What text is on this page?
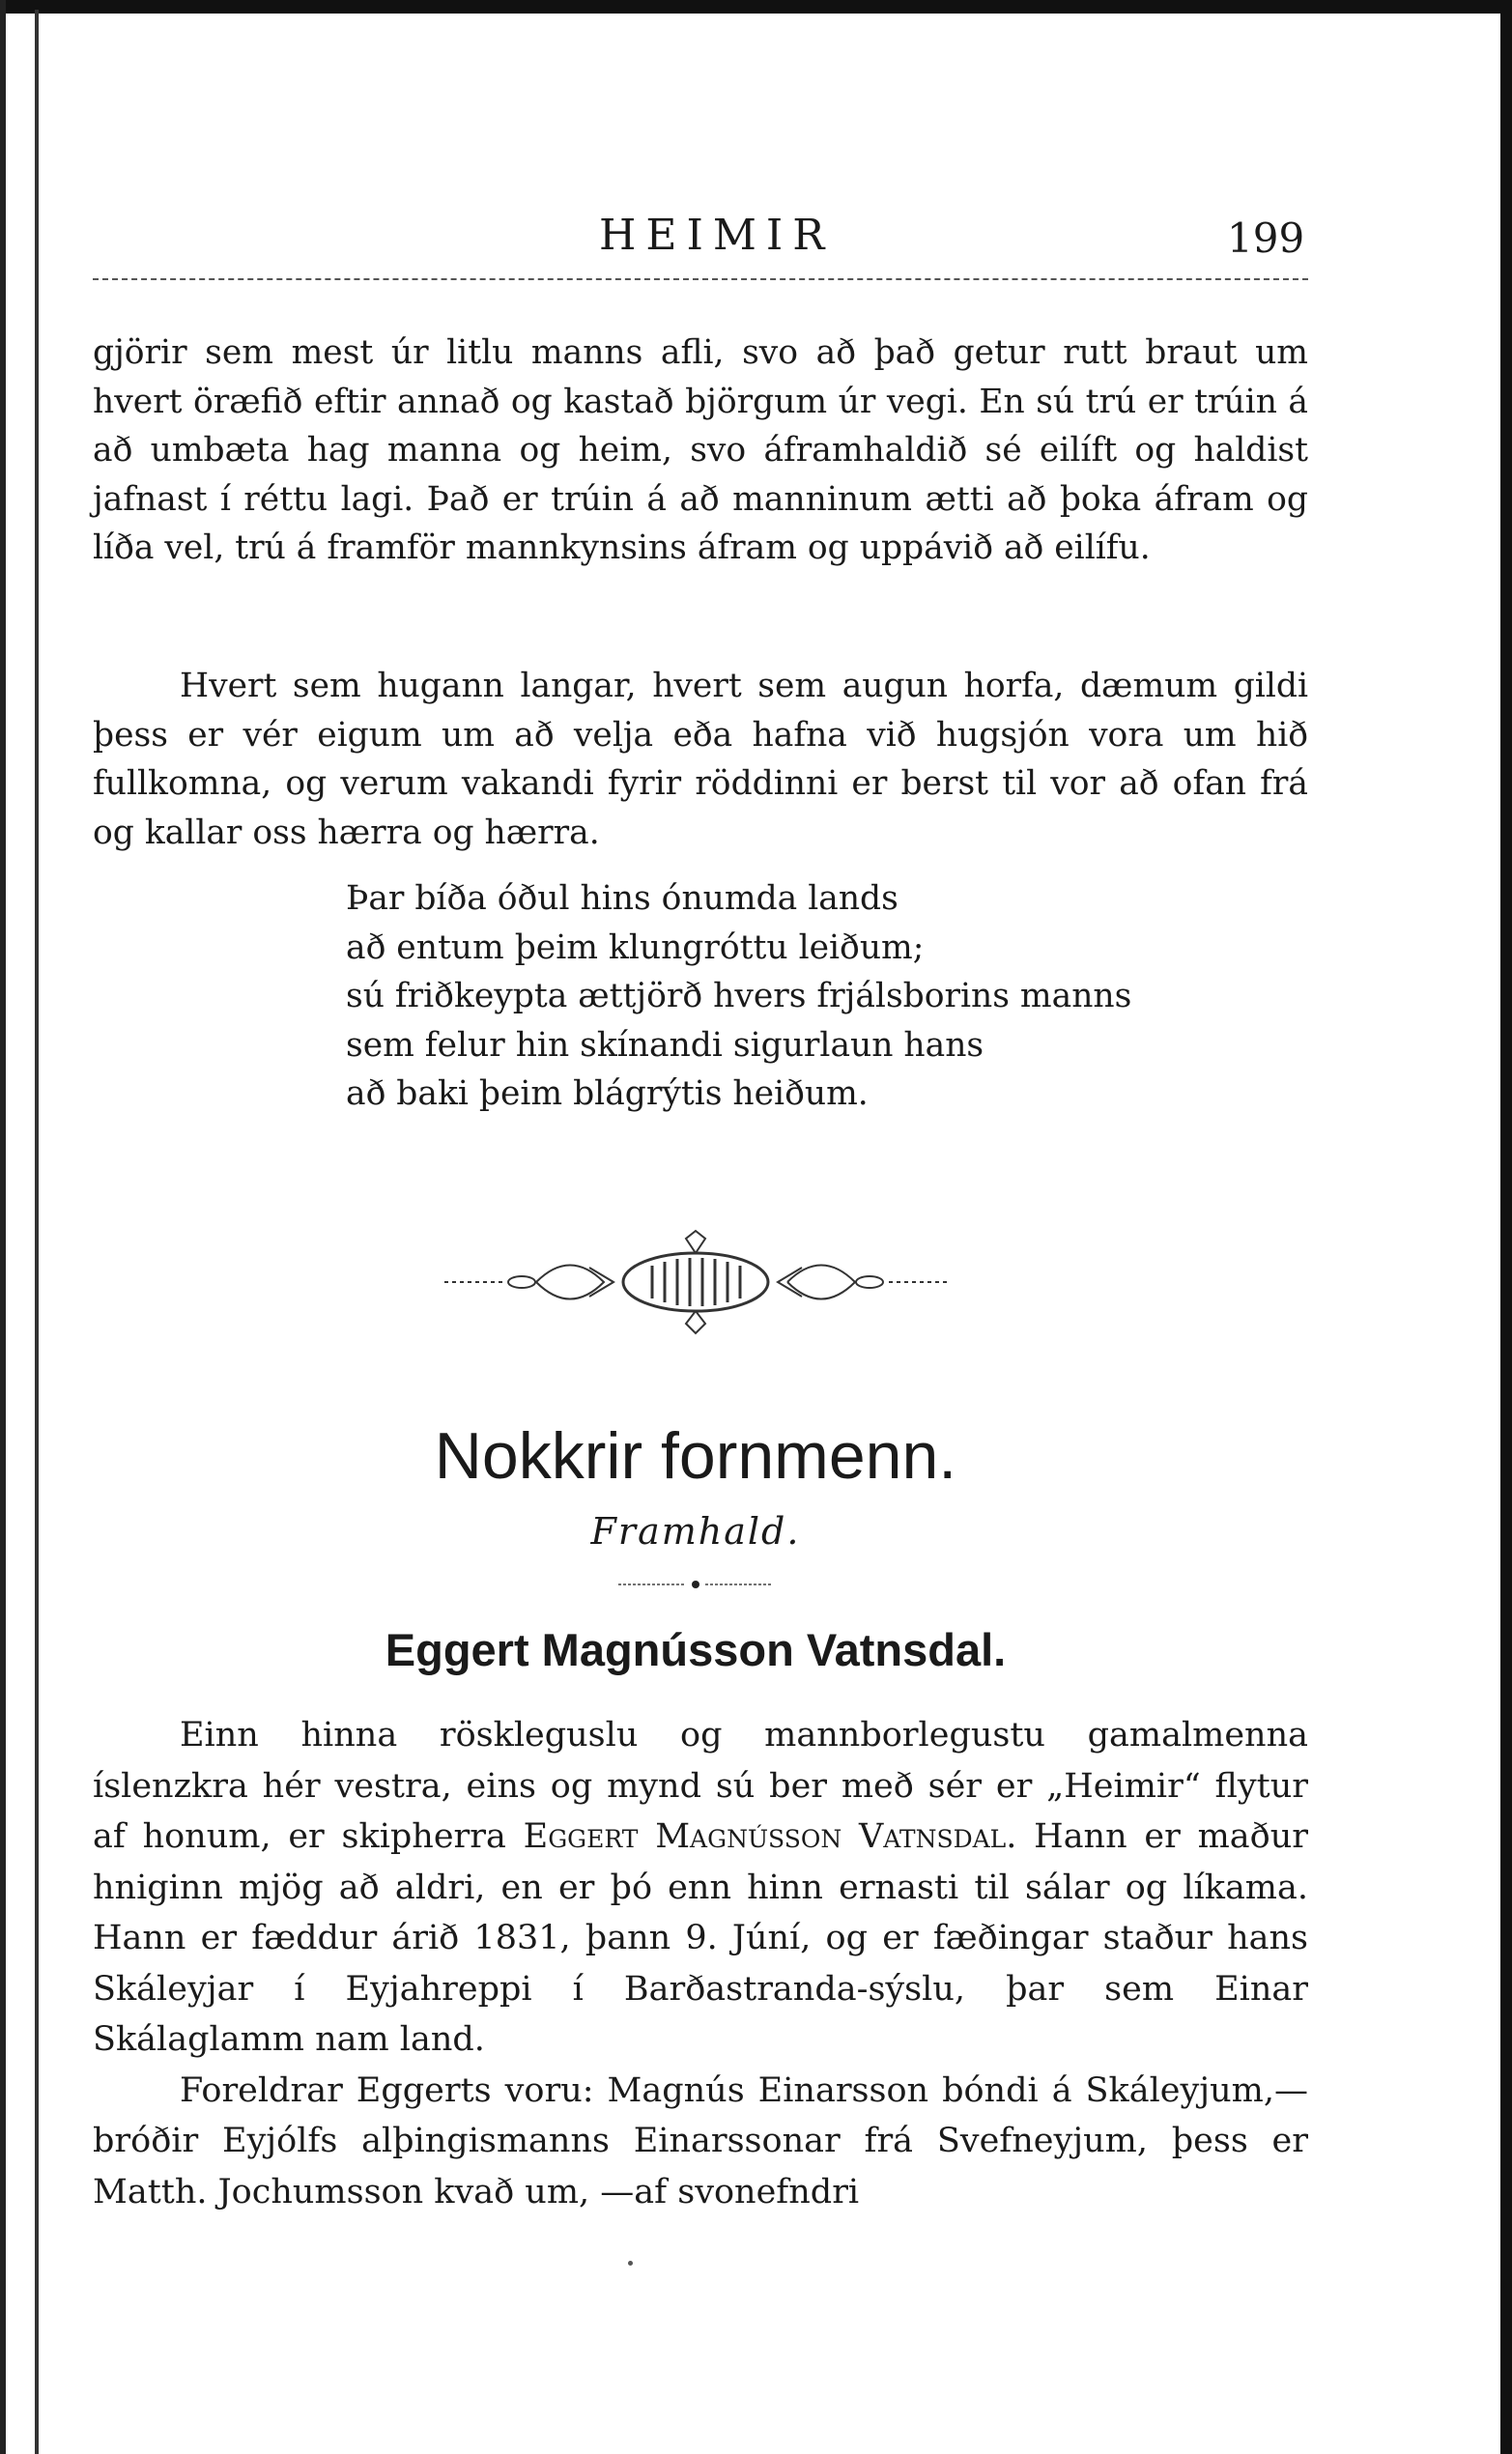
HEIMIR	199

gjörir sem mest úr litlu manns afli, svo að það getur rutt braut um hvert öræfið eftir annað og kastað björgum úr vegi. En sú trú er trúin á að umbæta hag manna og heim, svo áframhaldið sé eilíft og haldist jafnast í réttu lagi. Það er trúin á að manninum ætti að þoka áfram og líða vel, trú á framför mannkynsins áfram og uppávið að eilífu.

Hvert sem hugann langar, hvert sem augun horfa, dæmum gildi þess er vér eigum um að velja eða hafna við hugsjón vora um hið fullkomna, og verum vakandi fyrir röddinni er berst til vor að ofan frá og kallar oss hærra og hærra.

Þar bíða óðul hins ónumda lands
að entum þeim klungróttu leiðum;
sú friðkeypta ættjörð hvers frjálsborins manns
sem felur hin skínandi sigurlaun hans
að baki þeim blágrýtis heiðum.
Nokkrir fornmenn.
Framhald.
Eggert Magnússon Vatnsdal.

Einn hinna röskleguslu og mannborlegustu gamalmenna íslenzkra hér vestra, eins og mynd sú ber með sér er „Heimir“ flytur af honum, er skipherra Eggert Magnússon Vatnsdal. Hann er maður hniginn mjög að aldri, en er þó enn hinn ernasti til sálar og líkama. Hann er fæddur árið 1831, þann 9. Júní, og er fæðingar staður hans Skáleyjar í Eyjahreppi í Barðastranda-sýslu, þar sem Einar Skálaglamm nam land.

Foreldrar Eggerts voru: Magnús Einarsson bóndi á Skáleyjum,— bróðir Eyjólfs alþingismanns Einarssonar frá Svefneyjum, þess er Matth. Jochumsson kvað um, —af svonefndri
